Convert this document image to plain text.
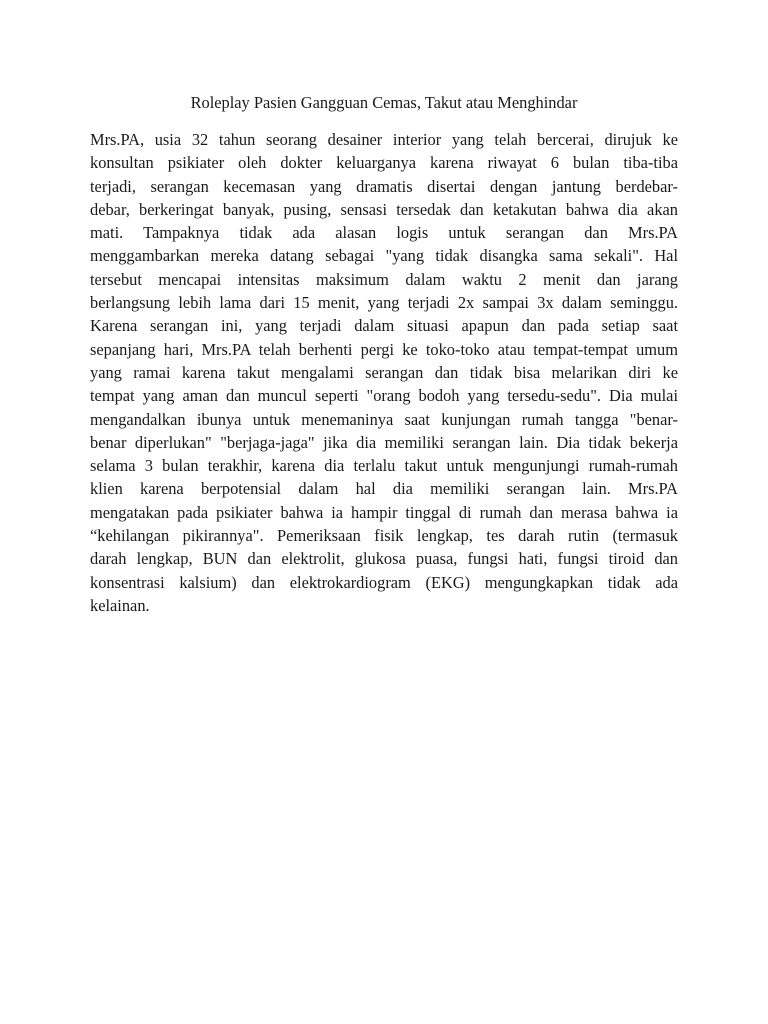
Roleplay Pasien Gangguan Cemas, Takut atau Menghindar
Mrs.PA, usia 32 tahun seorang desainer interior yang telah bercerai, dirujuk ke
konsultan psikiater oleh dokter keluarganya karena riwayat 6 bulan tiba-tiba
terjadi, serangan kecemasan yang dramatis disertai dengan jantung berdebar-
debar, berkeringat banyak, pusing, sensasi tersedak dan ketakutan bahwa dia akan
mati. Tampaknya tidak ada alasan logis untuk serangan dan Mrs.PA
menggambarkan mereka datang sebagai "yang tidak disangka sama sekali". Hal
tersebut mencapai intensitas maksimum dalam waktu 2 menit dan jarang
berlangsung lebih lama dari 15 menit, yang terjadi 2x sampai 3x dalam seminggu.
Karena serangan ini, yang terjadi dalam situasi apapun dan pada setiap saat
sepanjang hari, Mrs.PA telah berhenti pergi ke toko-toko atau tempat-tempat umum
yang ramai karena takut mengalami serangan dan tidak bisa melarikan diri ke
tempat yang aman dan muncul seperti "orang bodoh yang tersedu-sedu". Dia mulai
mengandalkan ibunya untuk menemaninya saat kunjungan rumah tangga "benar-
benar diperlukan" "berjaga-jaga" jika dia memiliki serangan lain. Dia tidak bekerja
selama 3 bulan terakhir, karena dia terlalu takut untuk mengunjungi rumah-rumah
klien karena berpotensial dalam hal dia memiliki serangan lain. Mrs.PA
mengatakan pada psikiater bahwa ia hampir tinggal di rumah dan merasa bahwa ia
“kehilangan pikirannya". Pemeriksaan fisik lengkap, tes darah rutin (termasuk
darah lengkap, BUN dan elektrolit, glukosa puasa, fungsi hati, fungsi tiroid dan
konsentrasi kalsium) dan elektrokardiogram (EKG) mengungkapkan tidak ada
kelainan.
